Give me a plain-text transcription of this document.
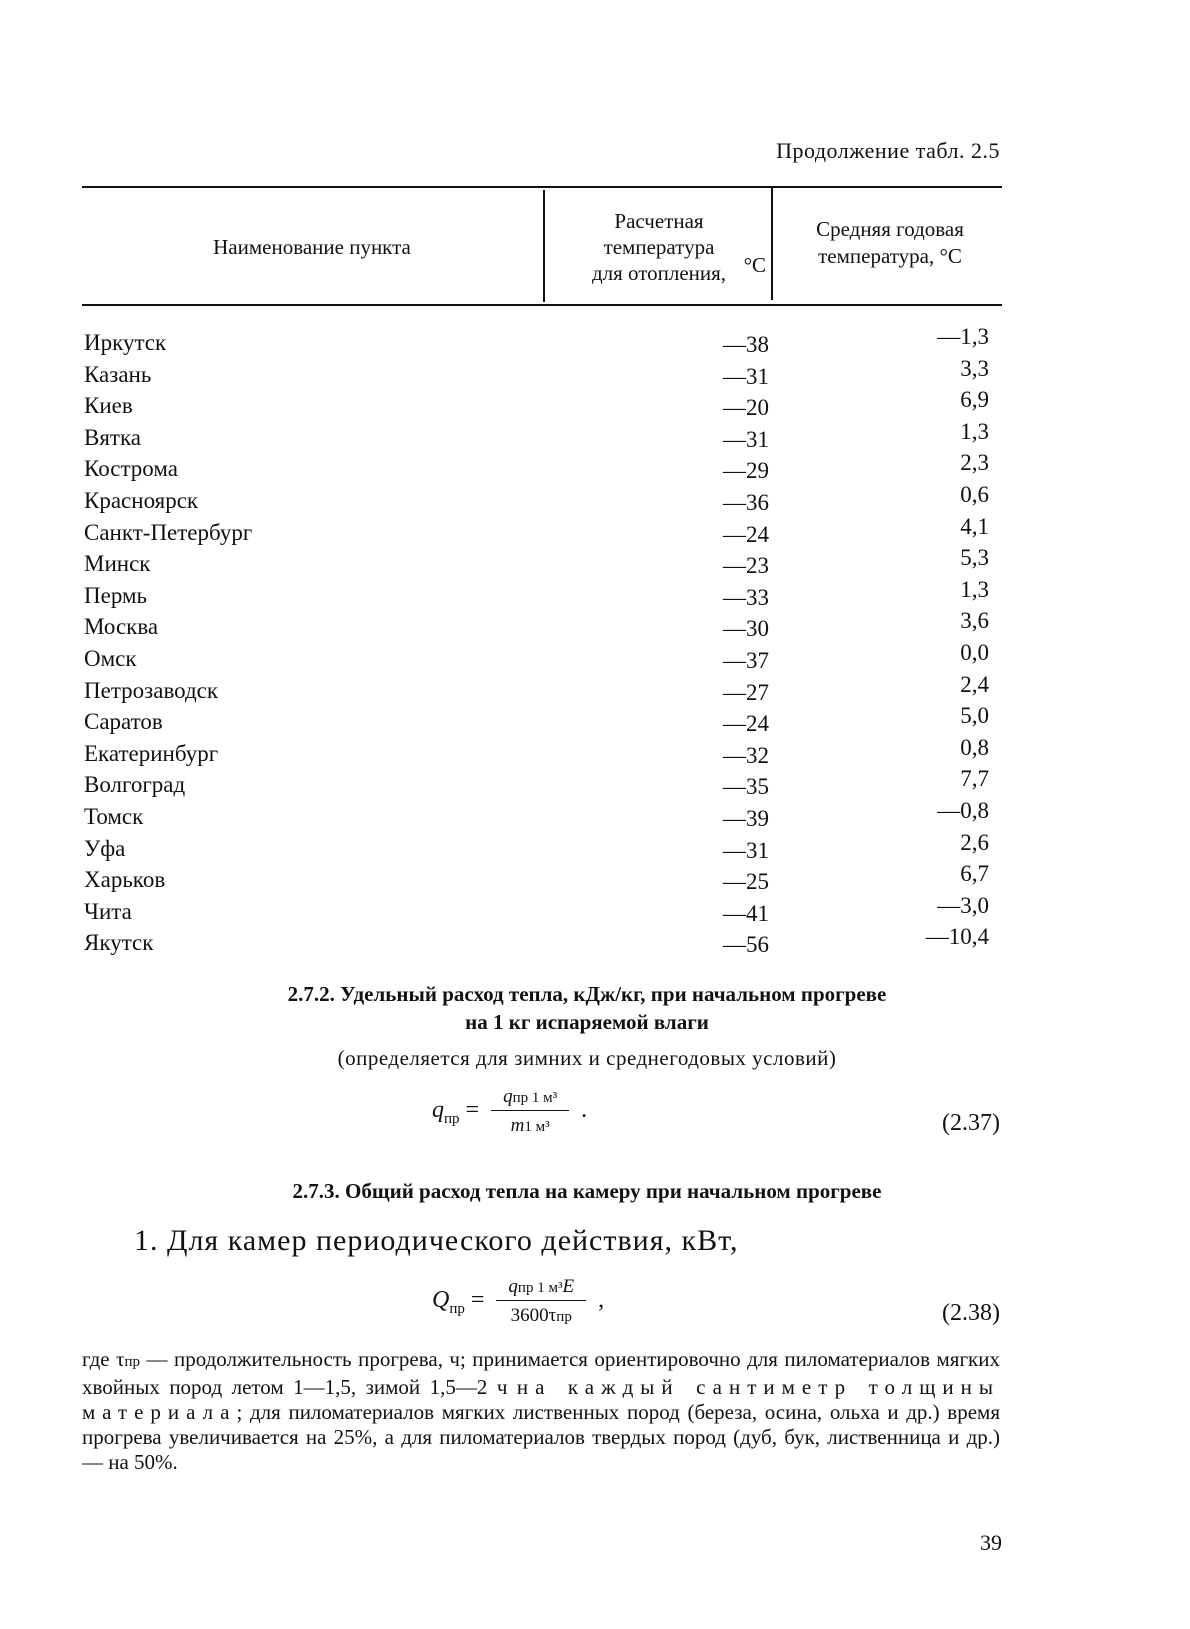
Продолжение табл. 2.5
Наименование пункта
Расчетная
температура
для отопления, °C
Средняя годовая
температура, °C
Иркутск	—38	—1,3
Казань	—31	3,3
Киев	—20	6,9
Вятка	—31	1,3
Кострома	—29	2,3
Красноярск	—36	0,6
Санкт-Петербург	—24	4,1
Минск	—23	5,3
Пермь	—33	1,3
Москва	—30	3,6
Омск	—37	0,0
Петрозаводск	—27	2,4
Саратов	—24	5,0
Екатеринбург	—32	0,8
Волгоград	—35	7,7
Томск	—39	—0,8
Уфа	—31	2,6
Харьков	—25	6,7
Чита	—41	—3,0
Якутск	—56	—10,4
2.7.2. Удельный расход тепла, кДж/кг, при начальном прогреве
на 1 кг испаряемой влаги
(определяется для зимних и среднегодовых условий)
$q_{пр} = \frac{\text{qпр 1 м³}}{\text{m1 м³}}$ .	(2.37)
2.7.3. Общий расход тепла на камеру при начальном прогреве
1. Для камер периодического действия, кВт,
$Q_{пр} = \frac{\text{qпр 1 м³E}}{\text{3600τпр}}$ ,	(2.38)
где τпр — продолжительность прогрева, ч; принимается ориентировочно для пиломатериалов мягких хвойных пород летом 1—1,5, зимой 1,5—2 ч на каждый сантиметр толщины материала; для пиломатериалов мягких лиственных пород (береза, осина, ольха и др.) время прогрева увеличивается на 25%, а для пиломатериалов твердых пород (дуб, бук, лиственница и др.) — на 50%.
39
